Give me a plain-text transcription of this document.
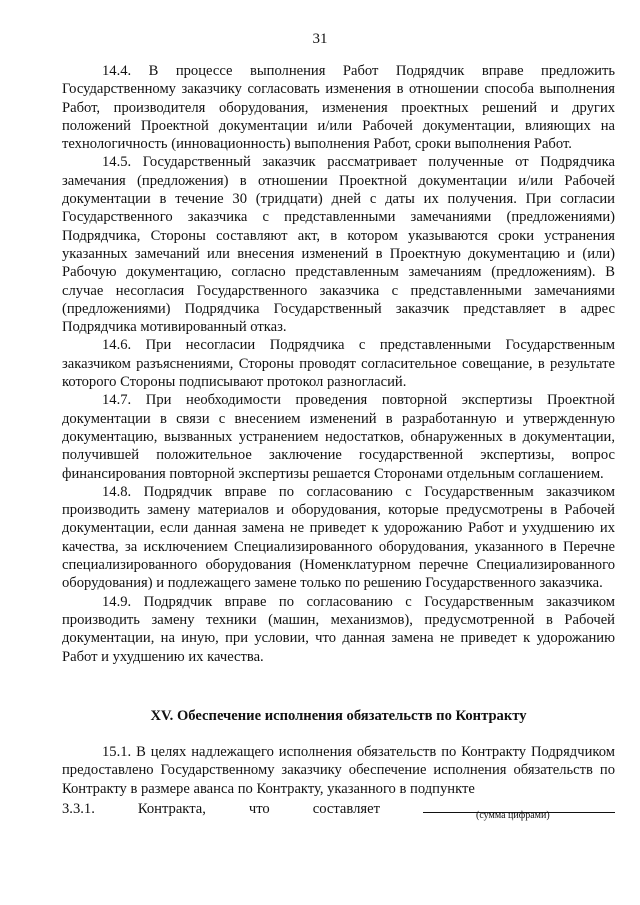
31

14.4. В процессе выполнения Работ Подрядчик вправе предложить Государственному заказчику согласовать изменения в отношении способа выполнения Работ, производителя оборудования, изменения проектных решений и других положений Проектной документации и/или Рабочей документации, влияющих на технологичность (инновационность) выполнения Работ, сроки выполнения Работ.

14.5. Государственный заказчик рассматривает полученные от Подрядчика замечания (предложения) в отношении Проектной документации и/или Рабочей документации в течение 30 (тридцати) дней с даты их получения. При согласии Государственного заказчика с представленными замечаниями (предложениями) Подрядчика, Стороны составляют акт, в котором указываются сроки устранения указанных замечаний или внесения изменений в Проектную документацию и (или) Рабочую документацию, согласно представленным замечаниям (предложениям). В случае несогласия Государственного заказчика с представленными замечаниями (предложениями) Подрядчика Государственный заказчик представляет в адрес Подрядчика мотивированный отказ.

14.6. При несогласии Подрядчика с представленными Государственным заказчиком разъяснениями, Стороны проводят согласительное совещание, в результате которого Стороны подписывают протокол разногласий.

14.7. При необходимости проведения повторной экспертизы Проектной документации в связи с внесением изменений в разработанную и утвержденную документацию, вызванных устранением недостатков, обнаруженных в документации, получившей положительное заключение государственной экспертизы, вопрос финансирования повторной экспертизы решается Сторонами отдельным соглашением.

14.8. Подрядчик вправе по согласованию с Государственным заказчиком производить замену материалов и оборудования, которые предусмотрены в Рабочей документации, если данная замена не приведет к удорожанию Работ и ухудшению их качества, за исключением Специализированного оборудования, указанного в Перечне специализированного оборудования (Номенклатурном перечне Специализированного оборудования) и подлежащего замене только по решению Государственного заказчика.

14.9. Подрядчик вправе по согласованию с Государственным заказчиком производить замену техники (машин, механизмов), предусмотренной в Рабочей документации, на иную, при условии, что данная замена не приведет к удорожанию Работ и ухудшению их качества.

XV. Обеспечение исполнения обязательств по Контракту

15.1. В целях надлежащего исполнения обязательств по Контракту Подрядчиком предоставлено Государственному заказчику обеспечение исполнения обязательств по Контракту в размере аванса по Контракту, указанного в подпункте

3.3.1.	Контракта,	что	составляет	(сумма цифрами)
